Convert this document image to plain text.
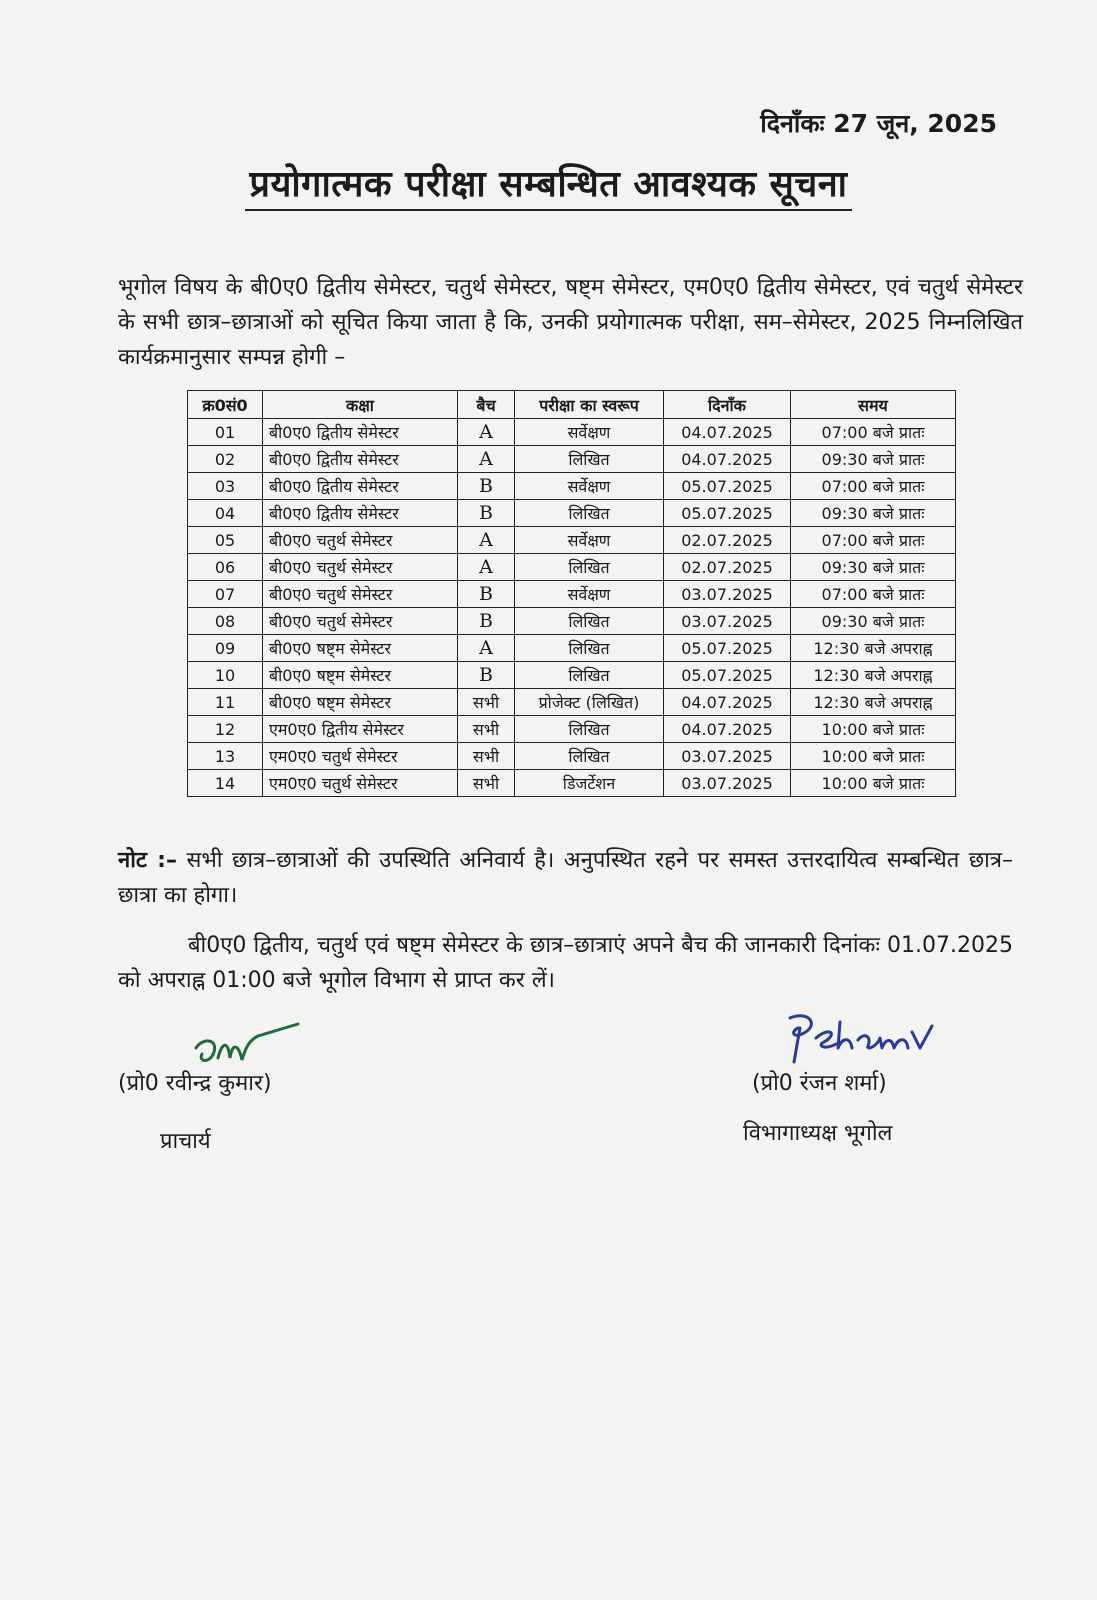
दिनाँकः 27 जून, 2025
प्रयोगात्मक परीक्षा सम्बन्धित आवश्यक सूचना
भूगोल विषय के बी0ए0 द्वितीय सेमेस्टर, चतुर्थ सेमेस्टर, षष्ट्म सेमेस्टर, एम0ए0 द्वितीय सेमेस्टर, एवं चतुर्थ सेमेस्टर के सभी छात्र–छात्राओं को सूचित किया जाता है कि, उनकी प्रयोगात्मक परीक्षा, सम–सेमेस्टर, 2025 निम्नलिखित कार्यक्रमानुसार सम्पन्न होगी –
क्र0सं0	कक्षा	बैच	परीक्षा का स्वरूप	दिनाँक	समय
01	बी0ए0 द्वितीय सेमेस्टर	A	सर्वेक्षण	04.07.2025	07:00 बजे प्रातः
02	बी0ए0 द्वितीय सेमेस्टर	A	लिखित	04.07.2025	09:30 बजे प्रातः
03	बी0ए0 द्वितीय सेमेस्टर	B	सर्वेक्षण	05.07.2025	07:00 बजे प्रातः
04	बी0ए0 द्वितीय सेमेस्टर	B	लिखित	05.07.2025	09:30 बजे प्रातः
05	बी0ए0 चतुर्थ सेमेस्टर	A	सर्वेक्षण	02.07.2025	07:00 बजे प्रातः
06	बी0ए0 चतुर्थ सेमेस्टर	A	लिखित	02.07.2025	09:30 बजे प्रातः
07	बी0ए0 चतुर्थ सेमेस्टर	B	सर्वेक्षण	03.07.2025	07:00 बजे प्रातः
08	बी0ए0 चतुर्थ सेमेस्टर	B	लिखित	03.07.2025	09:30 बजे प्रातः
09	बी0ए0 षष्ट्म सेमेस्टर	A	लिखित	05.07.2025	12:30 बजे अपराह्न
10	बी0ए0 षष्ट्म सेमेस्टर	B	लिखित	05.07.2025	12:30 बजे अपराह्न
11	बी0ए0 षष्ट्म सेमेस्टर	सभी	प्रोजेक्ट (लिखित)	04.07.2025	12:30 बजे अपराह्न
12	एम0ए0 द्वितीय सेमेस्टर	सभी	लिखित	04.07.2025	10:00 बजे प्रातः
13	एम0ए0 चतुर्थ सेमेस्टर	सभी	लिखित	03.07.2025	10:00 बजे प्रातः
14	एम0ए0 चतुर्थ सेमेस्टर	सभी	डिजर्टेशन	03.07.2025	10:00 बजे प्रातः
नोट :– सभी छात्र–छात्राओं की उपस्थिति अनिवार्य है। अनुपस्थित रहने पर समस्त उत्तरदायित्व सम्बन्धित छात्र–छात्रा का होगा।
बी0ए0 द्वितीय, चतुर्थ एवं षष्ट्म सेमेस्टर के छात्र–छात्राएं अपने बैच की जानकारी दिनांकः 01.07.2025 को अपराह्न 01:00 बजे भूगोल विभाग से प्राप्त कर लें।
(प्रो0 रवीन्द्र कुमार)
प्राचार्य
(प्रो0 रंजन शर्मा)
विभागाध्यक्ष भूगोल
